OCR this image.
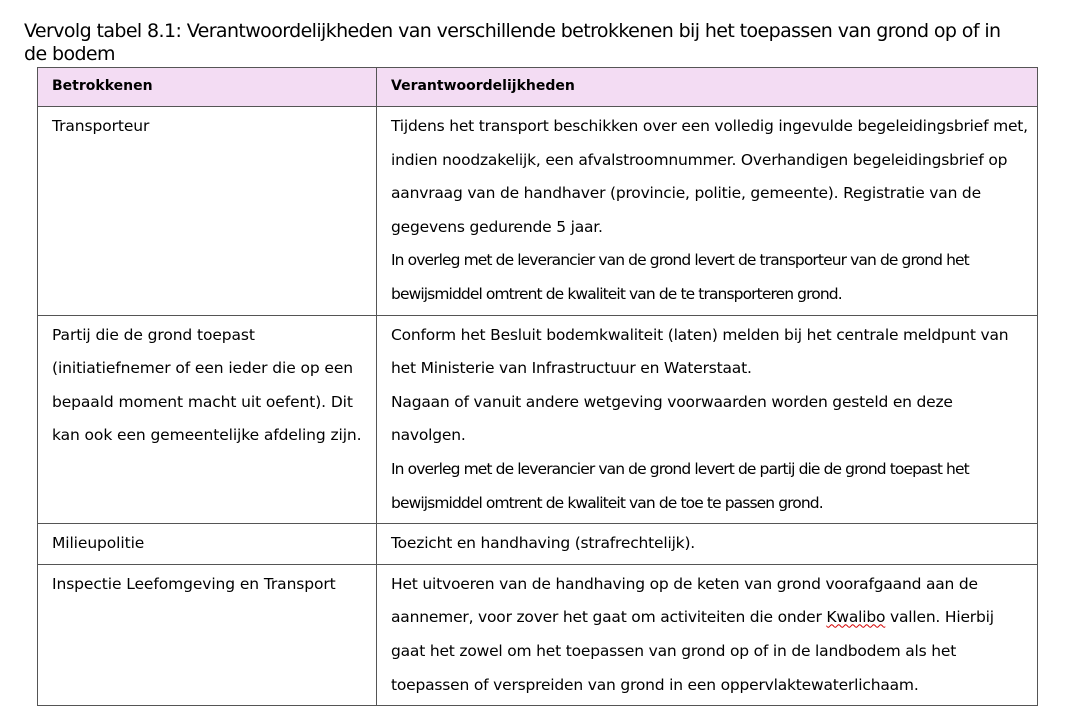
Vervolg tabel 8.1: Verantwoordelijkheden van verschillende betrokkenen bij het toepassen van grond op of in de bodem
Betrokkenen	Verantwoordelijkheden
Transporteur	Tijdens het transport beschikken over een volledig ingevulde begeleidingsbrief met, indien noodzakelijk, een afvalstroomnummer. Overhandigen begeleidingsbrief op aanvraag van de handhaver (provincie, politie, gemeente). Registratie van de gegevens gedurende 5 jaar.

In overleg met de leverancier van de grond levert de transporteur van de grond het bewijsmiddel omtrent de kwaliteit van de te transporteren grond.

Partij die de grond toepast (initiatiefnemer of een ieder die op een bepaald moment macht uit oefent). Dit kan ook een gemeentelijke afdeling zijn.	Conform het Besluit bodemkwaliteit (laten) melden bij het centrale meldpunt van het Ministerie van Infrastructuur en Waterstaat.

Nagaan of vanuit andere wetgeving voorwaarden worden gesteld en deze navolgen.

In overleg met de leverancier van de grond levert de partij die de grond toepast het bewijsmiddel omtrent de kwaliteit van de toe te passen grond.

Milieupolitie	Toezicht en handhaving (strafrechtelijk).

Inspectie Leefomgeving en Transport	Het uitvoeren van de handhaving op de keten van grond voorafgaand aan de aannemer, voor zover het gaat om activiteiten die onder Kwalibo vallen. Hierbij gaat het zowel om het toepassen van grond op of in de landbodem als het toepassen of verspreiden van grond in een oppervlaktewaterlichaam.
